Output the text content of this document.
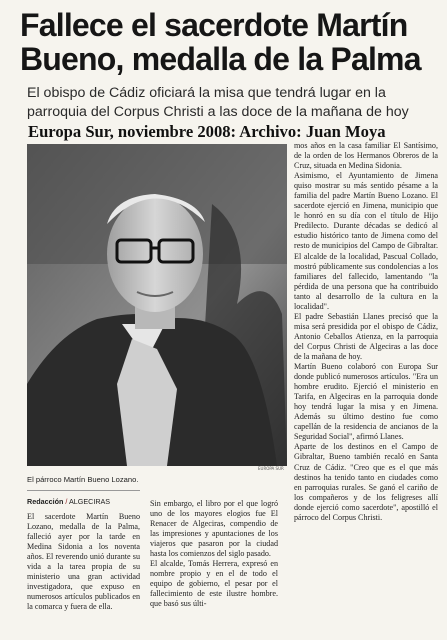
Fallece el sacerdote Martín Bueno, medalla de la Palma
El obispo de Cádiz oficiará la misa que tendrá lugar en la parroquia del Corpus Christi a las doce de la mañana de hoy
Europa Sur, noviembre 2008: Archivo: Juan Moya
EUROPA SUR
El párroco Martín Bueno Lozano.
Redacción / ALGECIRAS
El sacerdote Martín Bueno Lozano, medalla de la Palma, falleció ayer por la tarde en Medina Sidonia a los noventa años. El reverendo unió durante su vida a la tarea propia de su ministerio una gran actividad investigadora, que expuso en numerosos artículos publicados en la comarca y fuera de ella.
Sin embargo, el libro por el que logró uno de los mayores elogios fue El Renacer de Algeciras, compendio de las impresiones y apuntaciones de los viajeros que pasaron por la ciudad hasta los comienzos del siglo pasado.
El alcalde, Tomás Herrera, expresó en nombre propio y en el de todo el equipo de gobierno, el pesar por el fallecimiento de este ilustre hombre. que basó sus últi-
mos años en la casa familiar El Santísimo, de la orden de los Hermanos Obreros de la Cruz, situada en Medina Sidonia.
Asimismo, el Ayuntamiento de Jimena quiso mostrar su más sentido pésame a la familia del padre Martín Bueno Lozano. El sacerdote ejerció en Jimena, municipio que le honró en su día con el título de Hijo Predilecto. Durante décadas se dedicó al estudio histórico tanto de Jimena como del resto de municipios del Campo de Gibraltar. El alcalde de la localidad, Pascual Collado, mostró públicamente sus condolencias a los familiares del fallecido, lamentando "la pérdida de una persona que ha contribuido tanto al desarrollo de la cultura en la localidad".
El padre Sebastián Llanes precisó que la misa será presidida por el obispo de Cádiz, Antonio Ceballos Atienza, en la parroquia del Corpus Christi de Algeciras a las doce de la mañana de hoy.
Martín Bueno colaboró con Europa Sur donde publicó numerosos artículos. "Era un hombre erudito. Ejerció el ministerio en Tarifa, en Algeciras en la parroquia donde hoy tendrá lugar la misa y en Jimena. Además su último destino fue como capellán de la residencia de ancianos de la Seguridad Social", afirmó Llanes.
Aparte de los destinos en el Campo de Gibraltar, Bueno también recaló en Santa Cruz de Cádiz. "Creo que es el que más destinos ha tenido tanto en ciudades como en parroquias rurales. Se ganó el cariño de los compañeros y de los feligreses allí donde ejerció como sacerdote", apostilló el párroco del Corpus Christi.
